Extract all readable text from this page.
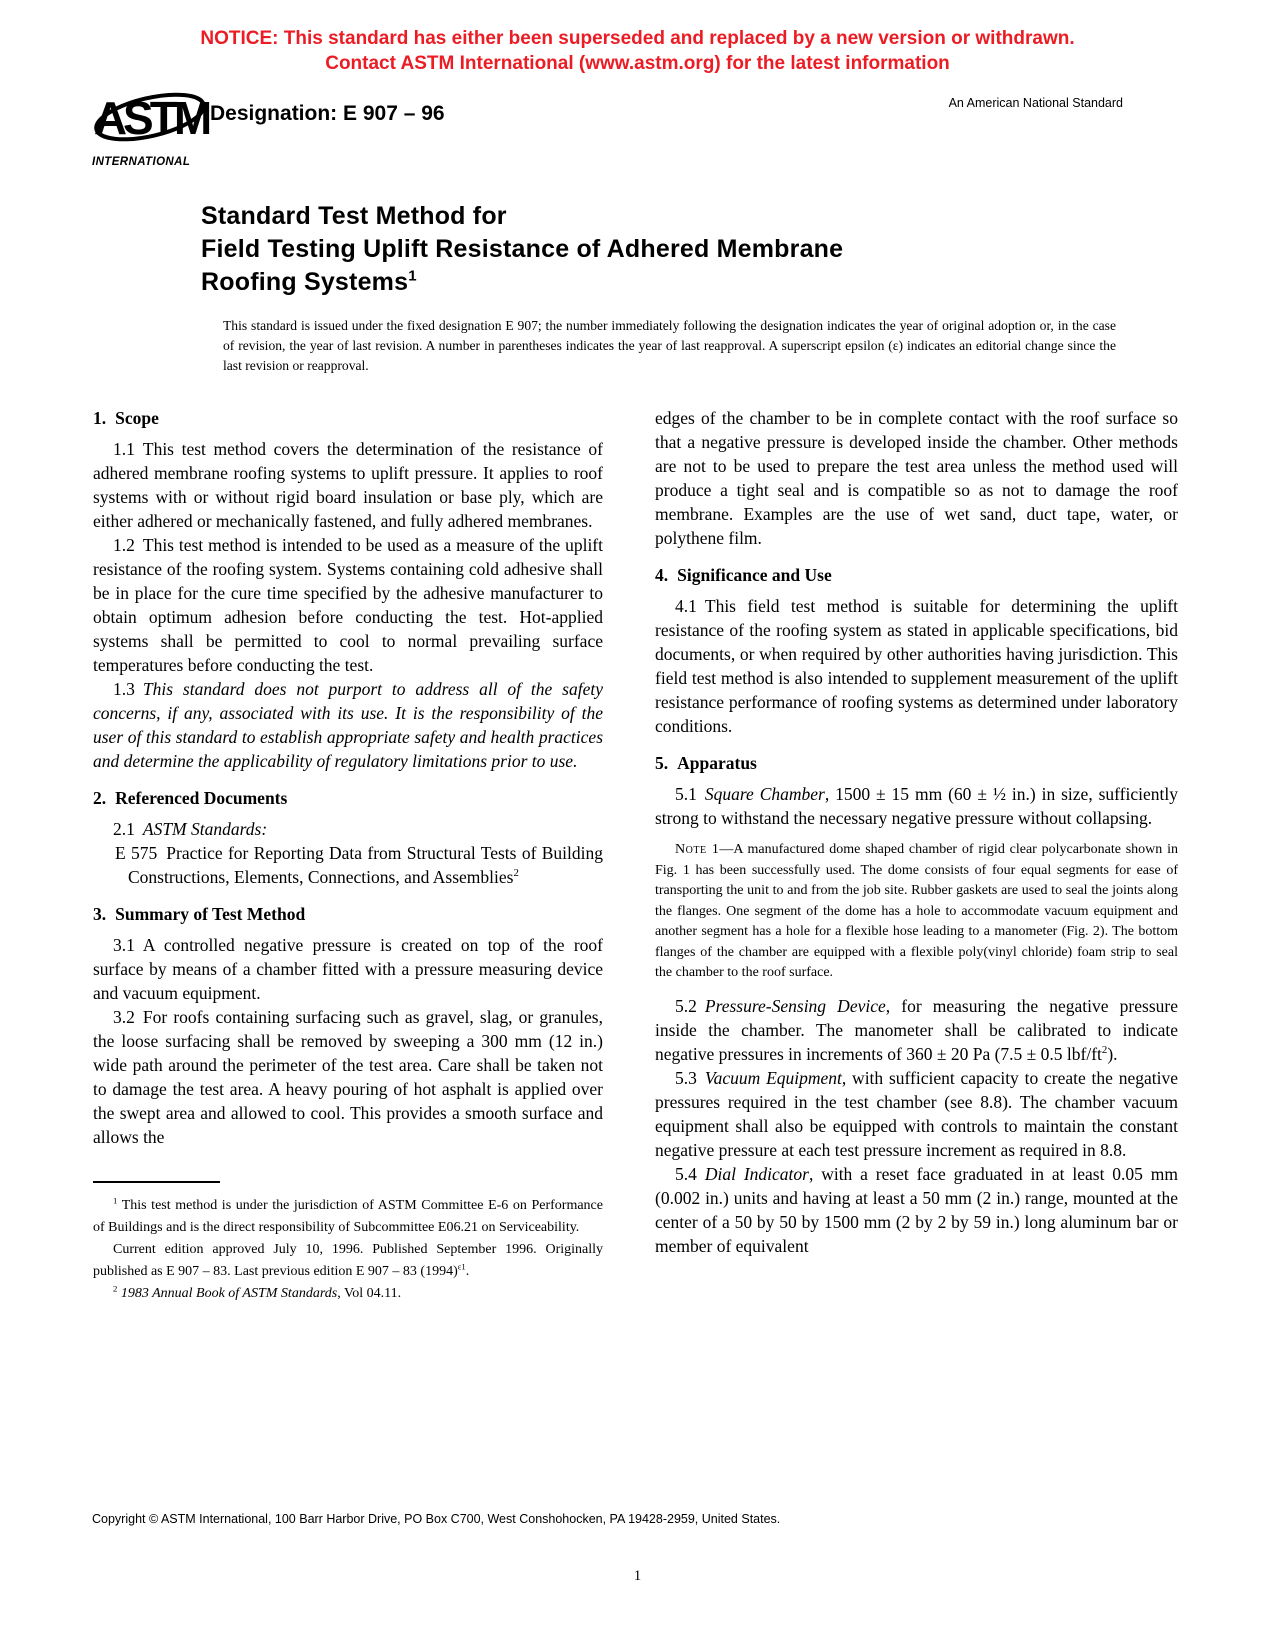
NOTICE: This standard has either been superseded and replaced by a new version or withdrawn.
Contact ASTM International (www.astm.org) for the latest information
ASTM
INTERNATIONAL
Designation: E 907 – 96	An American National Standard
Standard Test Method for
Field Testing Uplift Resistance of Adhered Membrane
Roofing Systems$^1$
This standard is issued under the fixed designation E 907; the number immediately following the designation indicates the year of original adoption or, in the case of revision, the year of last revision. A number in parentheses indicates the year of last reapproval. A superscript epsilon (ε) indicates an editorial change since the last revision or reapproval.
1. Scope

1.1 This test method covers the determination of the resistance of adhered membrane roofing systems to uplift pressure. It applies to roof systems with or without rigid board insulation or base ply, which are either adhered or mechanically fastened, and fully adhered membranes.

1.2 This test method is intended to be used as a measure of the uplift resistance of the roofing system. Systems containing cold adhesive shall be in place for the cure time specified by the adhesive manufacturer to obtain optimum adhesion before conducting the test. Hot-applied systems shall be permitted to cool to normal prevailing surface temperatures before conducting the test.

1.3 This standard does not purport to address all of the safety concerns, if any, associated with its use. It is the responsibility of the user of this standard to establish appropriate safety and health practices and determine the applicability of regulatory limitations prior to use.

2. Referenced Documents

2.1 ASTM Standards:

E 575 Practice for Reporting Data from Structural Tests of Building Constructions, Elements, Connections, and Assemblies$^2$

3. Summary of Test Method

3.1 A controlled negative pressure is created on top of the roof surface by means of a chamber fitted with a pressure measuring device and vacuum equipment.

3.2 For roofs containing surfacing such as gravel, slag, or granules, the loose surfacing shall be removed by sweeping a 300 mm (12 in.) wide path around the perimeter of the test area. Care shall be taken not to damage the test area. A heavy pouring of hot asphalt is applied over the swept area and allowed to cool. This provides a smooth surface and allows the

$^1$ This test method is under the jurisdiction of ASTM Committee E-6 on Performance of Buildings and is the direct responsibility of Subcommittee E06.21 on Serviceability.

Current edition approved July 10, 1996. Published September 1996. Originally published as E 907 – 83. Last previous edition E 907 – 83 $(1994)^{\varepsilon 1}$.

$^2$ 1983 Annual Book of ASTM Standards, Vol 04.11.

edges of the chamber to be in complete contact with the roof surface so that a negative pressure is developed inside the chamber. Other methods are not to be used to prepare the test area unless the method used will produce a tight seal and is compatible so as not to damage the roof membrane. Examples are the use of wet sand, duct tape, water, or polythene film.

4. Significance and Use

4.1 This field test method is suitable for determining the uplift resistance of the roofing system as stated in applicable specifications, bid documents, or when required by other authorities having jurisdiction. This field test method is also intended to supplement measurement of the uplift resistance performance of roofing systems as determined under laboratory conditions.

5. Apparatus

5.1 Square Chamber, 1500 ± 15 mm (60 ± ½ in.) in size, sufficiently strong to withstand the necessary negative pressure without collapsing.

Note 1—A manufactured dome shaped chamber of rigid clear polycarbonate shown in Fig. 1 has been successfully used. The dome consists of four equal segments for ease of transporting the unit to and from the job site. Rubber gaskets are used to seal the joints along the flanges. One segment of the dome has a hole to accommodate vacuum equipment and another segment has a hole for a flexible hose leading to a manometer (Fig. 2). The bottom flanges of the chamber are equipped with a flexible poly(vinyl chloride) foam strip to seal the chamber to the roof surface.

5.2 Pressure-Sensing Device, for measuring the negative pressure inside the chamber. The manometer shall be calibrated to indicate negative pressures in increments of 360 ± 20 Pa (7.5 ± 0.5 lbf/$ft^2$).

5.3 Vacuum Equipment, with sufficient capacity to create the negative pressures required in the test chamber (see 8.8). The chamber vacuum equipment shall also be equipped with controls to maintain the constant negative pressure at each test pressure increment as required in 8.8.

5.4 Dial Indicator, with a reset face graduated in at least 0.05 mm (0.002 in.) units and having at least a 50 mm (2 in.) range, mounted at the center of a 50 by 50 by 1500 mm (2 by 2 by 59 in.) long aluminum bar or member of equivalent

Copyright © ASTM International, 100 Barr Harbor Drive, PO Box C700, West Conshohocken, PA 19428-2959, United States.
1
